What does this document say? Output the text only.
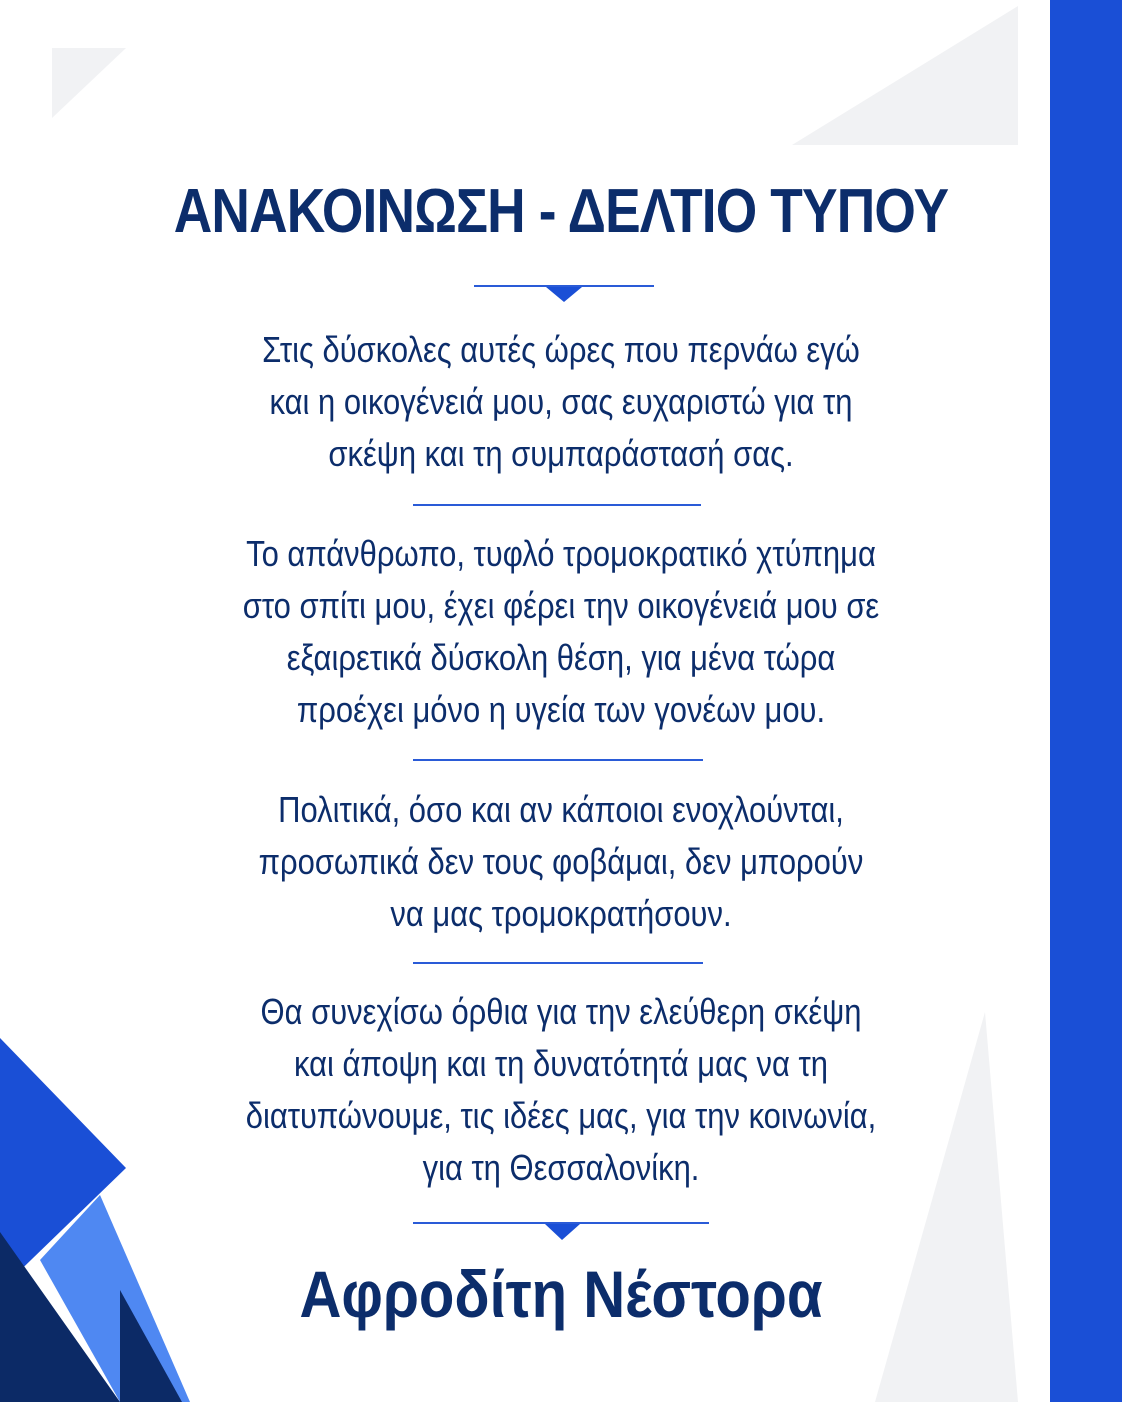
ΑΝΑΚΟΙΝΩΣΗ - ΔΕΛΤΙΟ ΤΥΠΟΥ
Στις δύσκολες αυτές ώρες που περνάω εγώ
και η οικογένειά μου, σας ευχαριστώ για τη
σκέψη και τη συμπαράστασή σας.
Το απάνθρωπο, τυφλό τρομοκρατικό χτύπημα
στο σπίτι μου, έχει φέρει την οικογένειά μου σε
εξαιρετικά δύσκολη θέση, για μένα τώρα
προέχει μόνο η υγεία των γονέων μου.
Πολιτικά, όσο και αν κάποιοι ενοχλούνται,
προσωπικά δεν τους φοβάμαι, δεν μπορούν
να μας τρομοκρατήσουν.
Θα συνεχίσω όρθια για την ελεύθερη σκέψη
και άποψη και τη δυνατότητά μας να τη
διατυπώνουμε, τις ιδέες μας, για την κοινωνία,
για τη Θεσσαλονίκη.
Αφροδίτη Νέστορα
